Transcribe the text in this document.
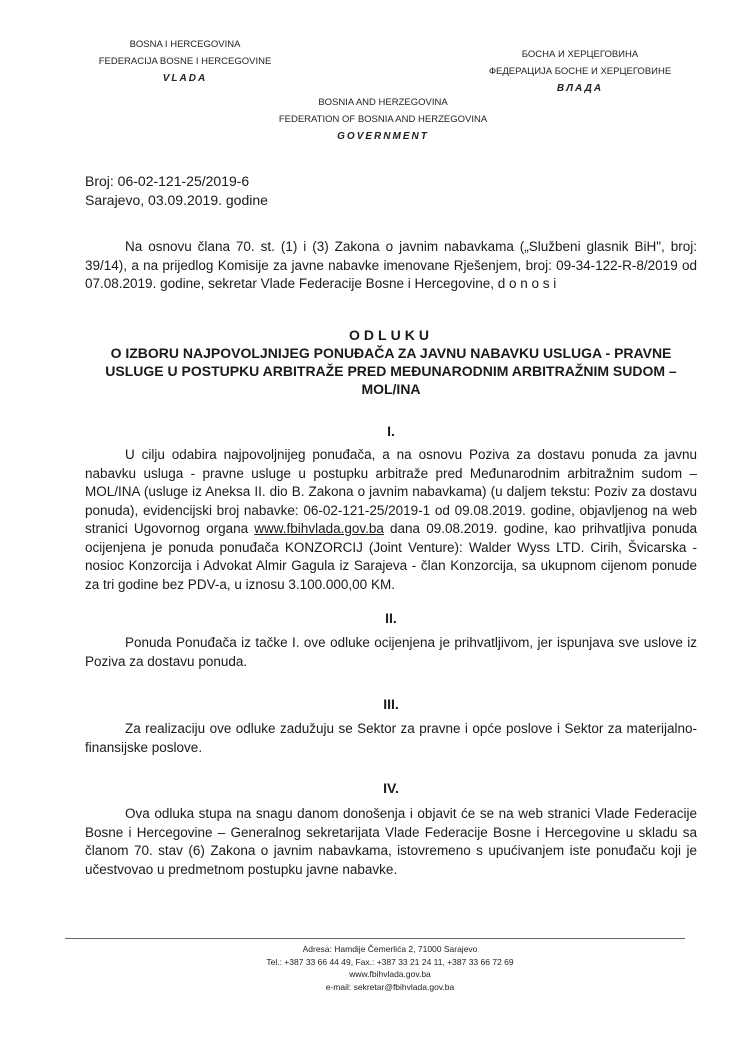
BOSNA I HERCEGOVINA
FEDERACIJA BOSNE I HERCEGOVINE
VLADA
БОСНА И ХЕРЦЕГОВИНА
ФЕДЕРАЦИЈА БОСНЕ И ХЕРЦЕГОВИНЕ
ВЛАДА
BOSNIA AND HERZEGOVINA
FEDERATION OF BOSNIA AND HERZEGOVINA
GOVERNMENT
Broj: 06-02-121-25/2019-6
Sarajevo, 03.09.2019. godine
Na osnovu člana 70. st. (1) i (3) Zakona o javnim nabavkama („Službeni glasnik BiH", broj: 39/14), a na prijedlog Komisije za javne nabavke imenovane Rješenjem, broj: 09-34-122-R-8/2019 od 07.08.2019. godine, sekretar Vlade Federacije Bosne i Hercegovine, d o n o s i
ODLUKU
O IZBORU NAJPOVOLJNIJEG PONUĐAČA ZA JAVNU NABAVKU USLUGA - PRAVNE
USLUGE U POSTUPKU ARBITRAŽE PRED MEĐUNARODNIM ARBITRAŽNIM SUDOM –
MOL/INA
I.
U cilju odabira najpovoljnijeg ponuđača, a na osnovu Poziva za dostavu ponuda za javnu nabavku usluga - pravne usluge u postupku arbitraže pred Međunarodnim arbitražnim sudom – MOL/INA (usluge iz Aneksa II. dio B. Zakona o javnim nabavkama) (u daljem tekstu: Poziv za dostavu ponuda), evidencijski broj nabavke: 06-02-121-25/2019-1 od 09.08.2019. godine, objavljenog na web stranici Ugovornog organa www.fbihvlada.gov.ba dana 09.08.2019. godine, kao prihvatljiva ponuda ocijenjena je ponuda ponuđača KONZORCIJ (Joint Venture): Walder Wyss LTD. Cirih, Švicarska - nosioc Konzorcija i Advokat Almir Gagula iz Sarajeva - član Konzorcija, sa ukupnom cijenom ponude za tri godine bez PDV-a, u iznosu 3.100.000,00 KM.
II.
Ponuda Ponuđača iz tačke I. ove odluke ocijenjena je prihvatljivom, jer ispunjava sve uslove iz Poziva za dostavu ponuda.
III.
Za realizaciju ove odluke zadužuju se Sektor za pravne i opće poslove i Sektor za materijalno-finansijske poslove.
IV.
Ova odluka stupa na snagu danom donošenja i objavit će se na web stranici Vlade Federacije Bosne i Hercegovine – Generalnog sekretarijata Vlade Federacije Bosne i Hercegovine u skladu sa članom 70. stav (6) Zakona o javnim nabavkama, istovremeno s upućivanjem iste ponuđaču koji je učestvovao u predmetnom postupku javne nabavke.
Adresa: Hamdije Čemerlića 2, 71000 Sarajevo
Tel.: +387 33 66 44 49, Fax.: +387 33 21 24 11, +387 33 66 72 69
www.fbihvlada.gov.ba
e-mail: sekretar@fbihvlada.gov.ba
